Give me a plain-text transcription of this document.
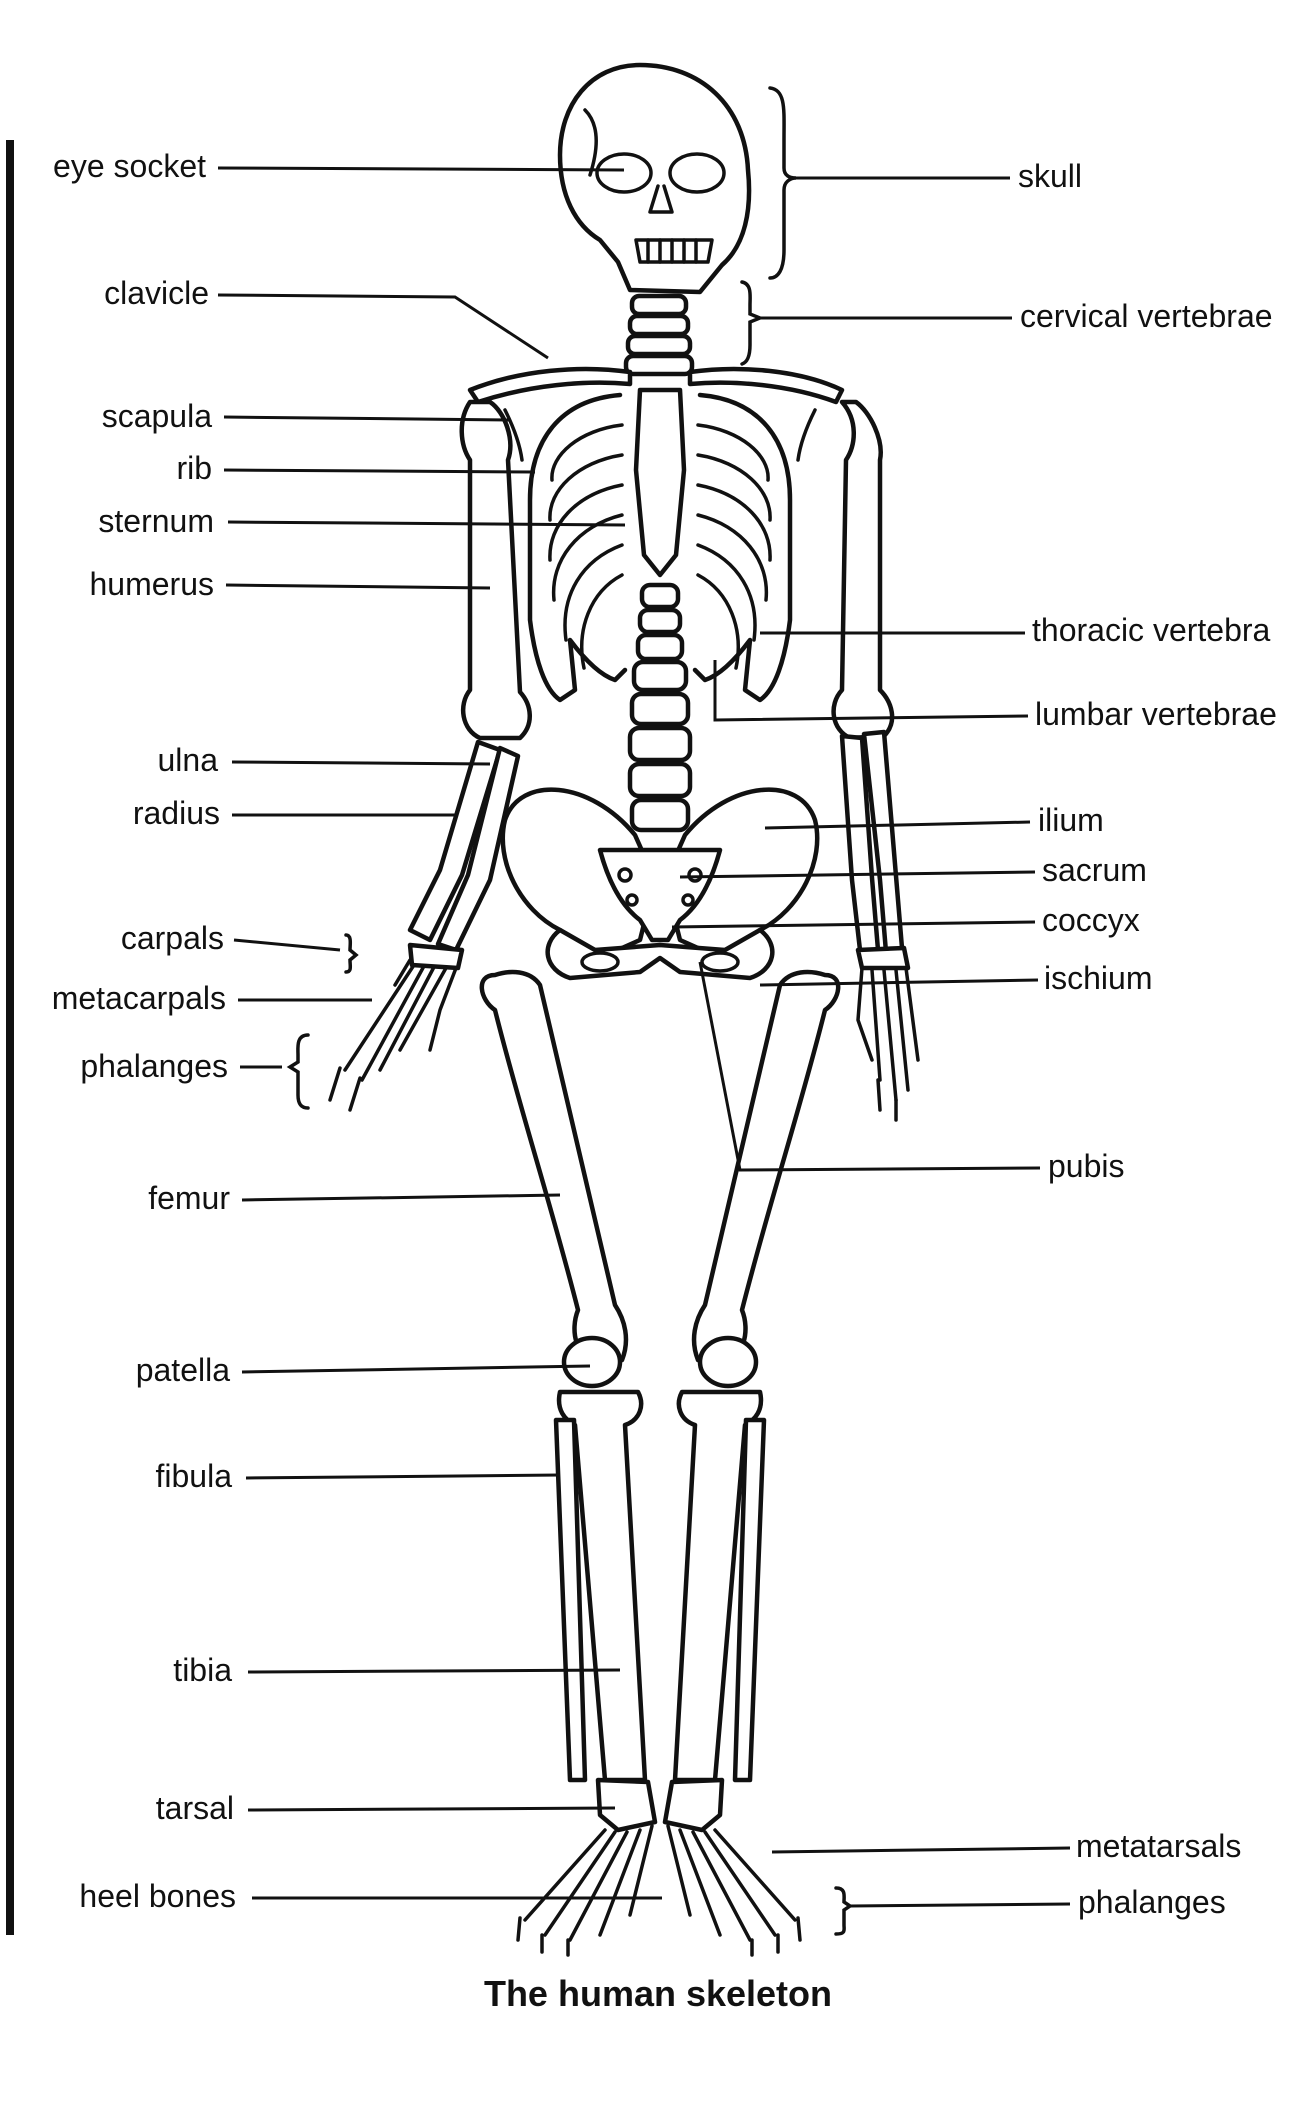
eye socket
clavicle
scapula
rib
sternum
humerus
ulna
radius
carpals
metacarpals
phalanges
femur
patella
fibula
tibia
tarsal
heel bones
skull
cervical vertebrae
thoracic vertebra
lumbar vertebrae
ilium
sacrum
coccyx
ischium
pubis
metatarsals
phalanges
The human skeleton
